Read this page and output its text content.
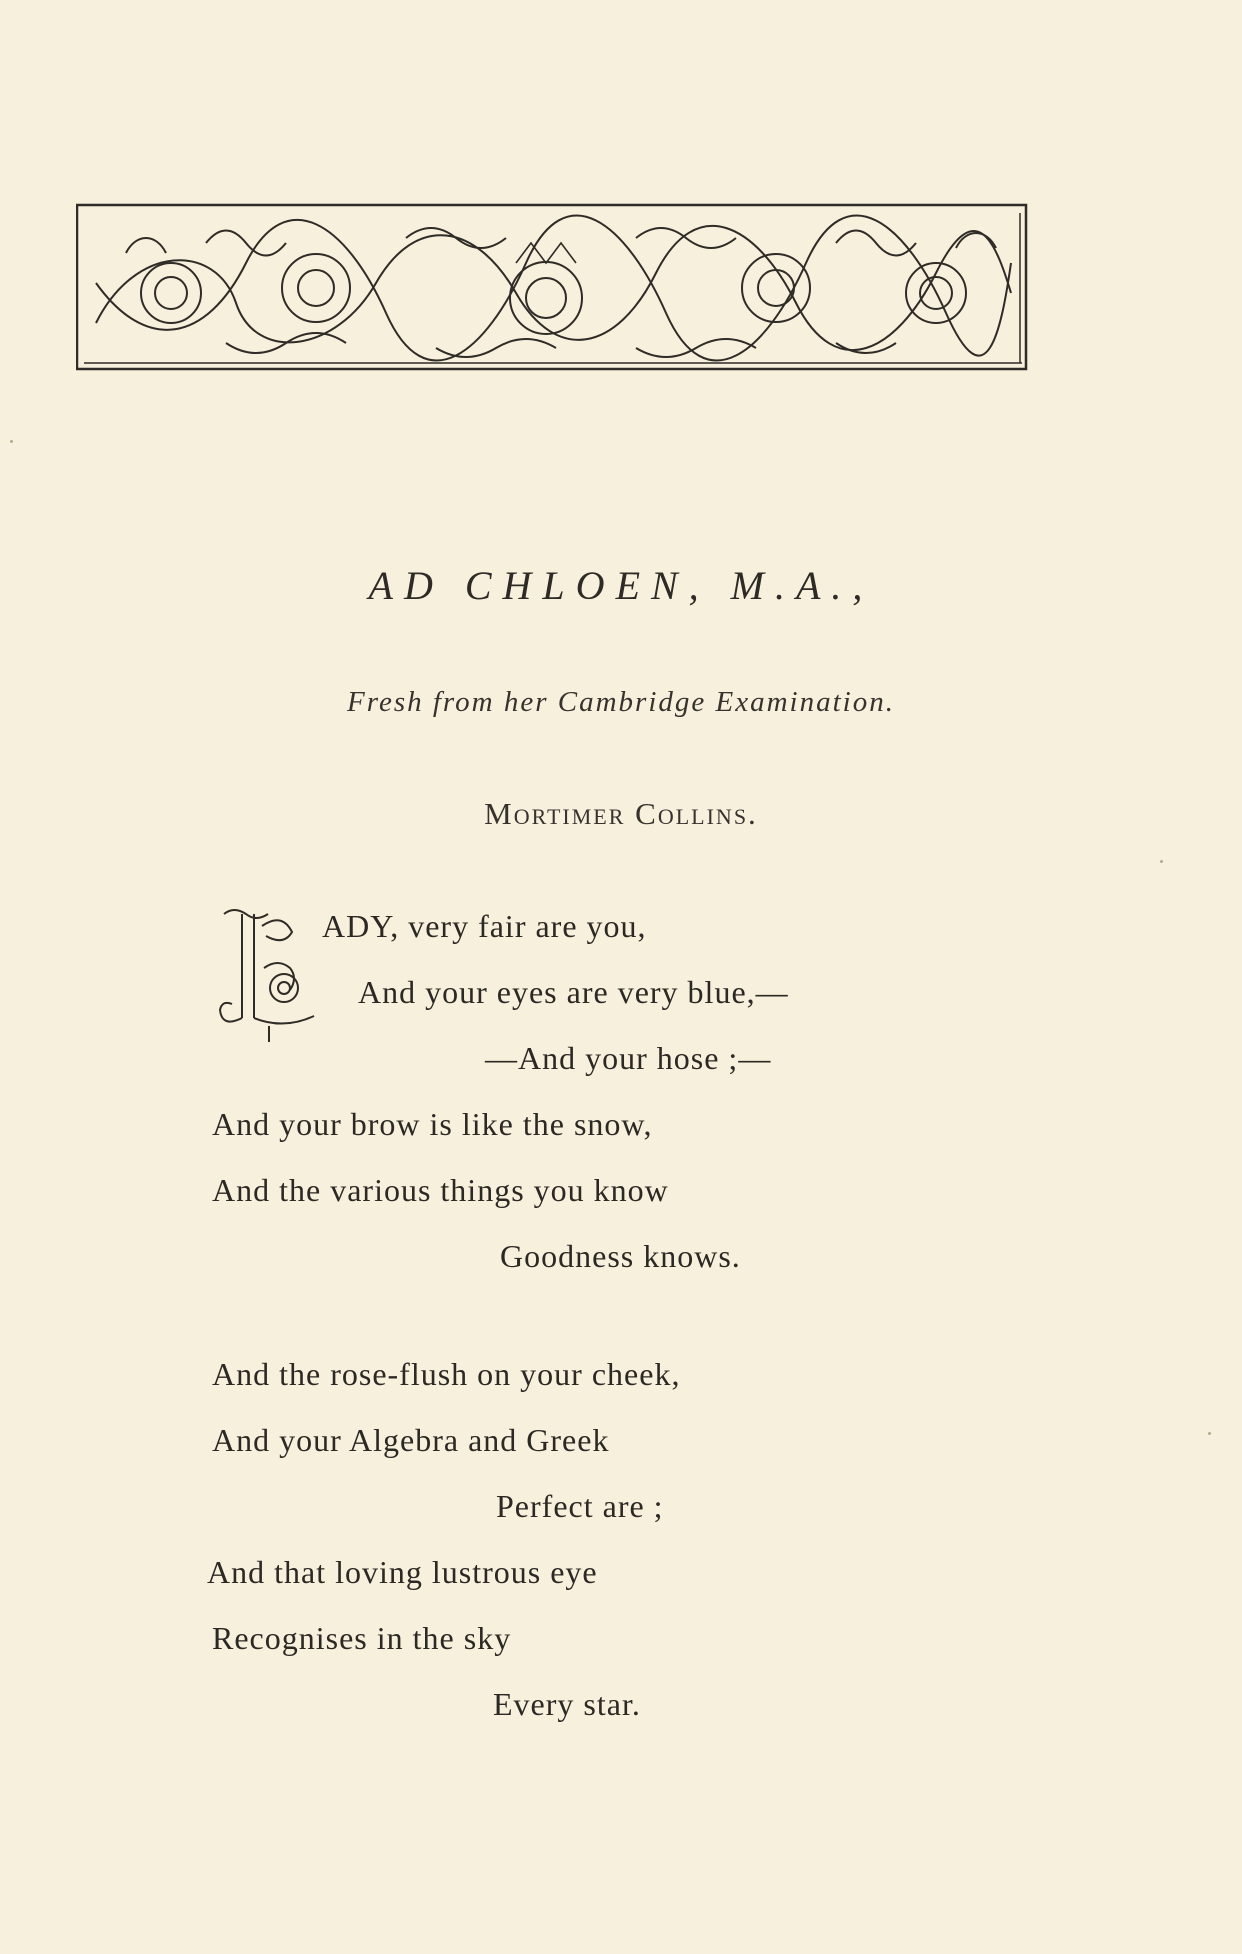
AD CHLOEN, M.A.,
Fresh from her Cambridge Examination.
Mortimer Collins.
ADY, very fair are you,
And your eyes are very blue,—
—And your hose ;—
And your brow is like the snow,
And the various things you know
Goodness knows.
And the rose-flush on your cheek,
And your Algebra and Greek
Perfect are ;
And that loving lustrous eye
Recognises in the sky
Every star.
